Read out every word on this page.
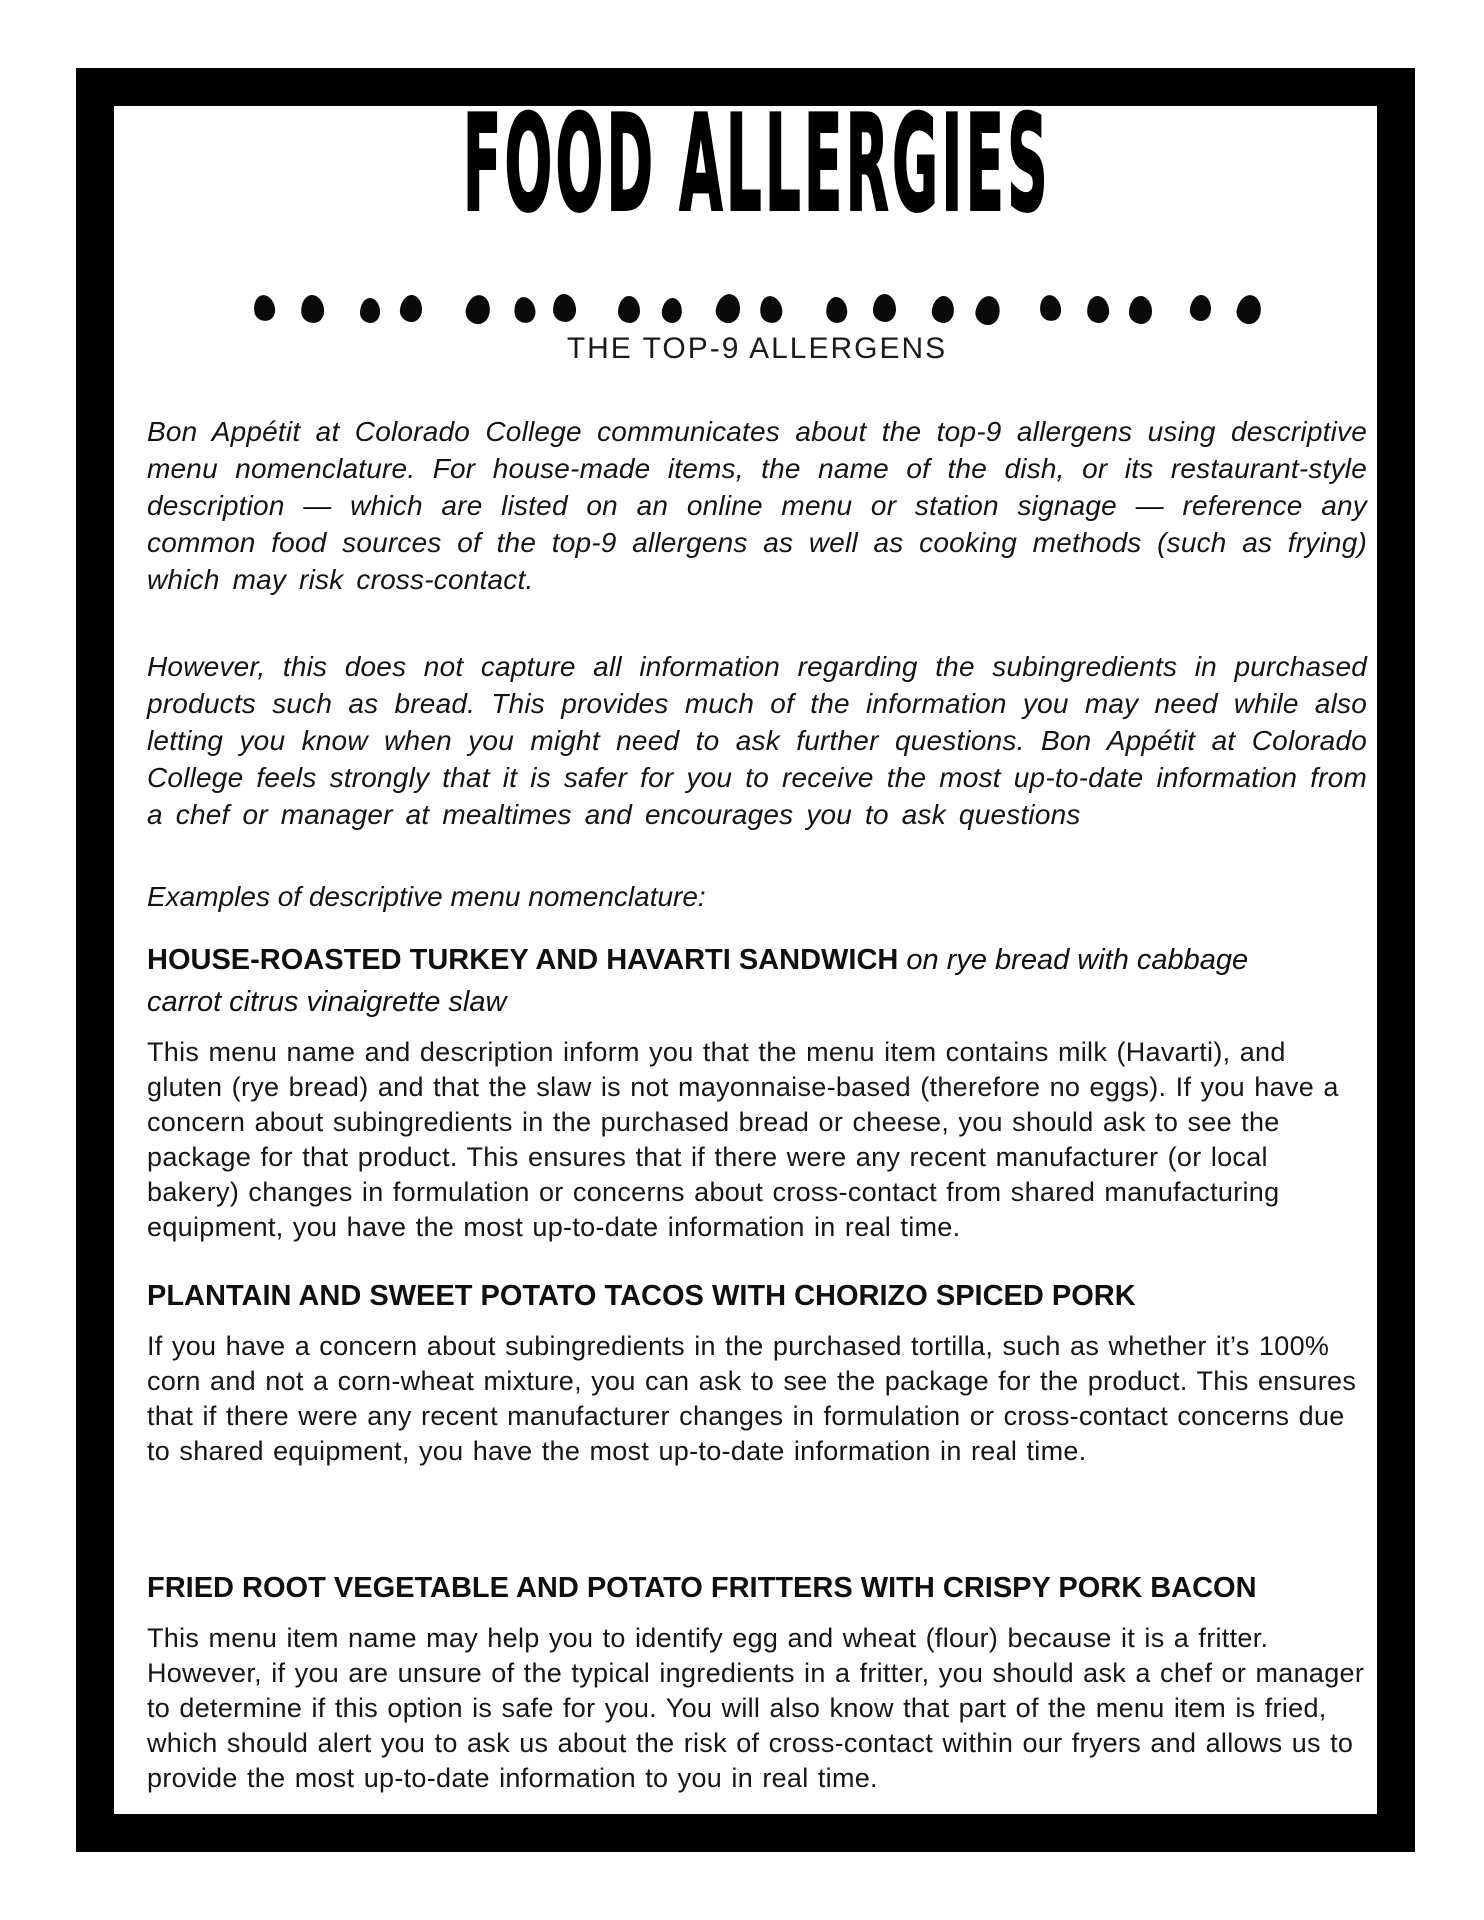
FOOD ALLERGIES
THE TOP-9 ALLERGENS

Bon Appétit at Colorado College communicates about the top-9 allergens using descriptive menu nomenclature. For house-made items, the name of the dish, or its restaurant-style description — which are listed on an online menu or station signage — reference any common food sources of the top-9 allergens as well as cooking methods (such as frying) which may risk cross-contact.

However, this does not capture all information regarding the subingredients in purchased products such as bread. This provides much of the information you may need while also letting you know when you might need to ask further questions. Bon Appétit at Colorado College feels strongly that it is safer for you to receive the most up-to-date information from a chef or manager at mealtimes and encourages you to ask questions

Examples of descriptive menu nomenclature:

HOUSE-ROASTED TURKEY AND HAVARTI SANDWICH on rye bread with cabbage carrot citrus vinaigrette slaw

This menu name and description inform you that the menu item contains milk (Havarti), and gluten (rye bread) and that the slaw is not mayonnaise-based (therefore no eggs). If you have a concern about subingredients in the purchased bread or cheese, you should ask to see the package for that product. This ensures that if there were any recent manufacturer (or local bakery) changes in formulation or concerns about cross-contact from shared manufacturing equipment, you have the most up-to-date information in real time.

PLANTAIN AND SWEET POTATO TACOS WITH CHORIZO SPICED PORK

If you have a concern about subingredients in the purchased tortilla, such as whether it’s 100% corn and not a corn-wheat mixture, you can ask to see the package for the product. This ensures that if there were any recent manufacturer changes in formulation or cross-contact concerns due to shared equipment, you have the most up-to-date information in real time.

FRIED ROOT VEGETABLE AND POTATO FRITTERS WITH CRISPY PORK BACON

This menu item name may help you to identify egg and wheat (flour) because it is a fritter. However, if you are unsure of the typical ingredients in a fritter, you should ask a chef or manager to determine if this option is safe for you. You will also know that part of the menu item is fried, which should alert you to ask us about the risk of cross-contact within our fryers and allows us to provide the most up-to-date information to you in real time.
